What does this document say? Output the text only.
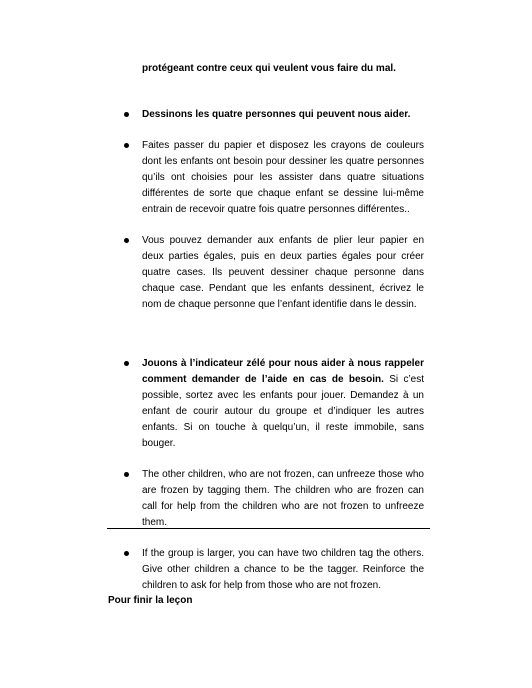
protégeant contre ceux qui veulent vous faire du mal.
Dessinons les quatre personnes qui peuvent nous aider.
Faites passer du papier et disposez les crayons de couleurs dont les enfants ont besoin pour dessiner les quatre personnes qu’ils ont choisies pour les assister dans quatre situations différentes de sorte que chaque enfant se dessine lui-même entrain de recevoir quatre fois quatre personnes différentes..
Vous pouvez demander aux enfants de plier leur papier en deux parties égales, puis en deux parties égales pour créer quatre cases. Ils peuvent dessiner chaque personne dans chaque case. Pendant que les enfants dessinent, écrivez le nom de chaque personne que l’enfant identifie dans le dessin.
Jouons à l’indicateur zélé pour nous aider à nous rappeler comment demander de l’aide en cas de besoin. Si c’est possible, sortez avec les enfants pour jouer. Demandez à un enfant de courir autour du groupe et d’indiquer les autres enfants. Si on touche à quelqu’un, il reste immobile, sans bouger.
The other children, who are not frozen, can unfreeze those who are frozen by tagging them. The children who are frozen can call for help from the children who are not frozen to unfreeze them.
If the group is larger, you can have two children tag the others. Give other children a chance to be the tagger. Reinforce the children to ask for help from those who are not frozen.
Pour finir la leçon
